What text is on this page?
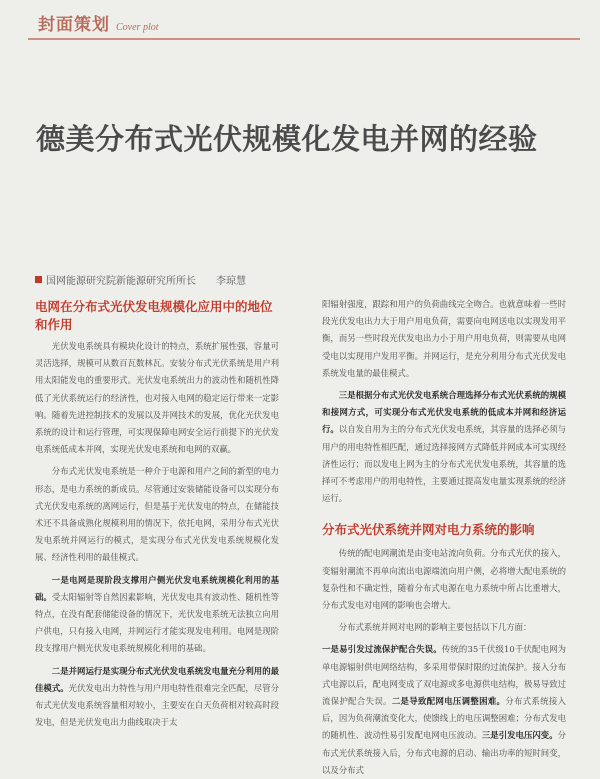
封面策划 Cover plot
德美分布式光伏规模化发电并网的经验
国网能源研究院新能源研究所所长 李琼慧
电网在分布式光伏发电规模化应用中的地位和作用

光伏发电系统具有模块化设计的特点，系统扩展性强，容量可灵活选择，规模可从数百瓦数林瓦。安装分布式光伏系统是用户利用太阳能发电的重要形式。光伏发电系统出力的波动性和随机性降低了光伏系统运行的经济性，也对接入电网的稳定运行带来一定影响。随着先进控制技术的发展以及并网技术的发展，优化光伏发电系统的设计和运行管理，可实现保障电网安全运行前提下的光伏发电系统低成本并网，实现光伏发电系统和电网的双赢。

分布式光伏发电系统是一种介于电源和用户之间的新型的电力形态，是电力系统的新成员。尽管通过安装储能设备可以实现分布式光伏发电系统的离网运行，但是基于光伏发电的特点，在储能技术还不具备成熟化规模利用的情况下，依托电网，采用分布式光伏发电系统并网运行的模式，是实现分布式光伏发电系统规模化发展、经济性利用的最佳模式。

一是电网是现阶段支撑用户侧光伏发电系统规模化利用的基础。受太阳辐射等自然因素影响，光伏发电具有波动性、随机性等特点，在没有配套储能设备的情况下，光伏发电系统无法独立向用户供电，只有接入电网，并网运行才能实现发电利用。电网是现阶段支撑用户侧光伏发电系统规模化利用的基础。

二是并网运行是实现分布式光伏发电系统发电量充分利用的最佳模式。光伏发电出力特性与用户用电特性很难完全匹配，尽管分布式光伏发电系统容量相对较小，主要安在白天负荷相对较高时段发电，但是光伏发电出力曲线取决于太

阳辐射强度，跟踪和用户的负荷曲线完全吻合。也就意味着一些时段光伏发电出力大于用户用电负荷，需要向电网送电以实现发用平衡，而另一些时段光伏发电出力小于用户用电负荷，则需要从电网受电以实现用户发用平衡。并网运行，是充分利用分布式光伏发电系统发电量的最佳模式。

三是根据分布式光伏发电系统合理选择分布式光伏系统的规模和接网方式，可实现分布式光伏发电系统的低成本并网和经济运行。以自发自用为主的分布式光伏发电系统，其容量的选择必须与用户的用电特性相匹配，通过选择接网方式降低并网成本可实现经济性运行；而以发电上网为主的分布式光伏发电系统，其容量的选择可不考虑用户的用电特性，主要通过提高发电量实现系统的经济运行。

分布式光伏系统并网对电力系统的影响

传统的配电网潮流是由变电站流向负荷。分布式光伏的接入，变辐射潮流不再单向流出电源端流向用户侧，必将增大配电系统的复杂性和不确定性，随着分布式电源在电力系统中所占比重增大，分布式发电对电网的影响也会增大。

分布式系统并网对电网的影响主要包括以下几方面：

一是易引发过流保护配合失误。传统的35千伏级10千伏配电网为单电源辐射供电网络结构，多采用带保时限的过流保护。接入分布式电源以后，配电网变成了双电源或多电源供电结构，极易导致过流保护配合失误。二是导致配网电压调整困难。分布式系统接入后，因为负荷潮流变化大，使馈线上的电压调整困难；分布式发电的随机性、波动性易引发配电网电压波动。三是引发电压闪变。分布式光伏系统接入后，分布式电源的启动、输出功率的短时间变，以及分布式
